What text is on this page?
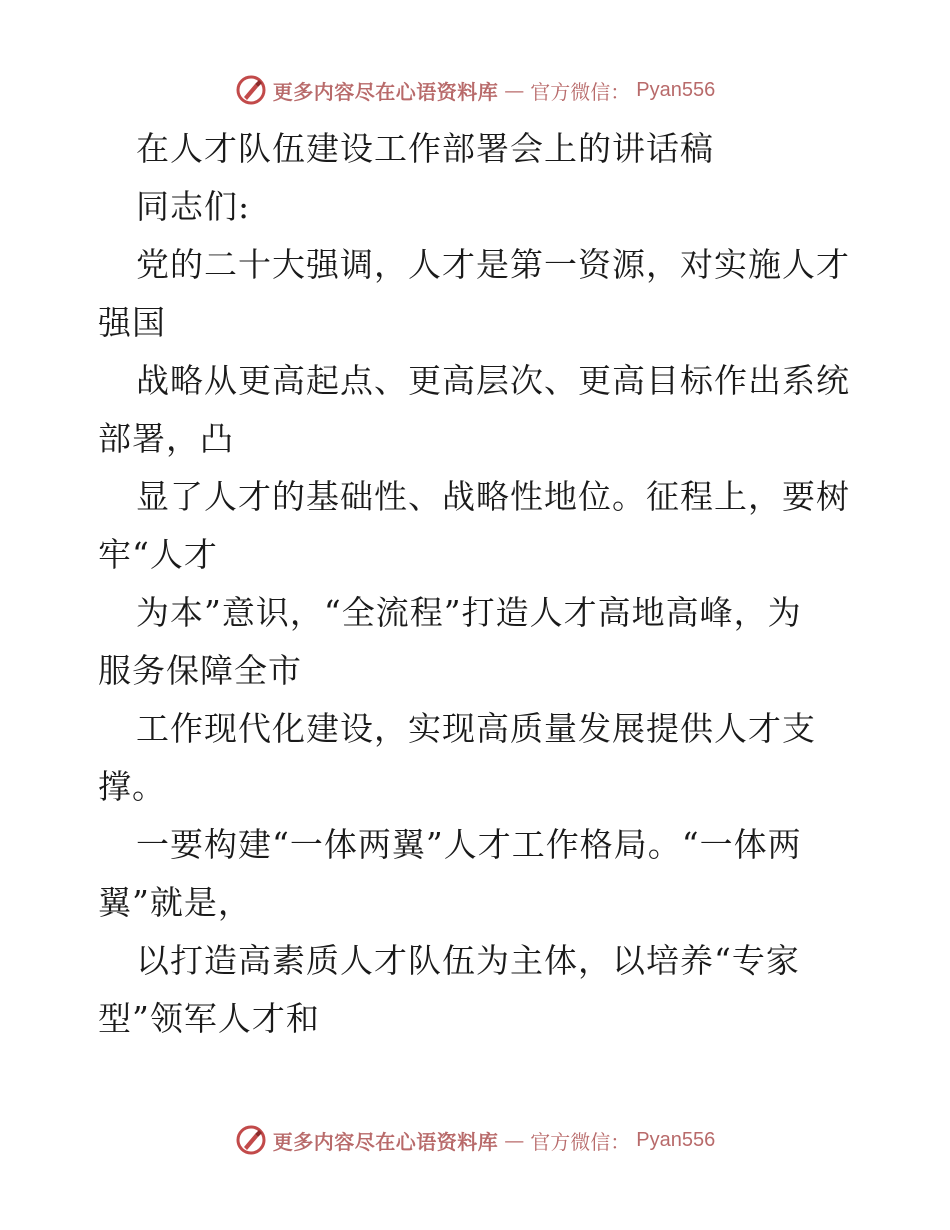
更多内容尽在心语资料库 — 官方微信： Pyan556
在人才队伍建设工作部署会上的讲话稿
同志们:
党的二十大强调，人才是第一资源，对实施人才
强国
战略从更高起点、更高层次、更高目标作出系统
部署，凸
显了人才的基础性、战略性地位。征程上，要树
牢“人才
为本”意识，“全流程”打造人才高地高峰，为
服务保障全市
工作现代化建设，实现高质量发展提供人才支
撑。
一要构建“一体两翼”人才工作格局。“一体两
翼”就是，
以打造高素质人才队伍为主体，以培养“专家
型”领军人才和
更多内容尽在心语资料库 — 官方微信： Pyan556
